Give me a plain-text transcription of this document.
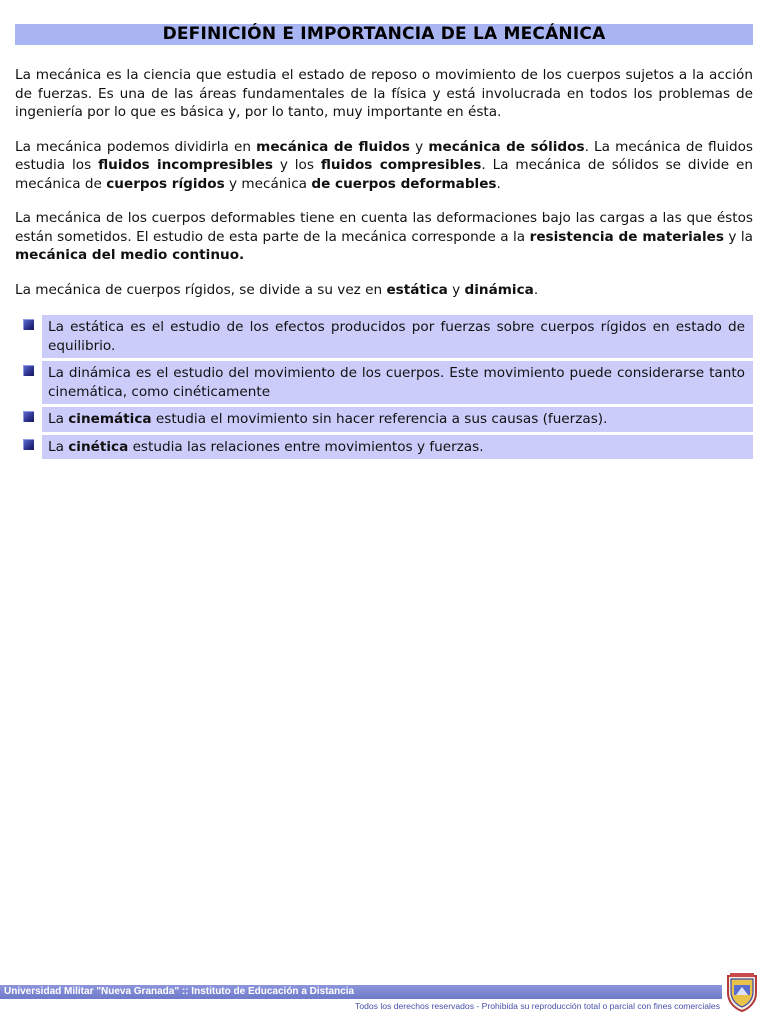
DEFINICIÓN E IMPORTANCIA DE LA MECÁNICA

La mecánica es la ciencia que estudia el estado de reposo o movimiento de los cuerpos sujetos a la acción de fuerzas. Es una de las áreas fundamentales de la física y está involucrada en todos los problemas de ingeniería por lo que es básica y, por lo tanto, muy importante en ésta.

La mecánica podemos dividirla en mecánica de fluidos y mecánica de sólidos. La mecánica de fluidos estudia los fluidos incompresibles y los fluidos compresibles. La mecánica de sólidos se divide en mecánica de cuerpos rígidos y mecánica de cuerpos deformables.

La mecánica de los cuerpos deformables tiene en cuenta las deformaciones bajo las cargas a las que éstos están sometidos. El estudio de esta parte de la mecánica corresponde a la resistencia de materiales y la mecánica del medio continuo.

La mecánica de cuerpos rígidos, se divide a su vez en estática y dinámica.

La estática es el estudio de los efectos producidos por fuerzas sobre cuerpos rígidos en estado de equilibrio.
La dinámica es el estudio del movimiento de los cuerpos. Este movimiento puede considerarse tanto cinemática, como cinéticamente
La cinemática estudia el movimiento sin hacer referencia a sus causas (fuerzas).
La cinética estudia las relaciones entre movimientos y fuerzas.
Universidad Militar "Nueva Granada" :: Instituto de Educación a Distancia
Todos los derechos reservados - Prohibida su reproducción total o parcial con fines comerciales
